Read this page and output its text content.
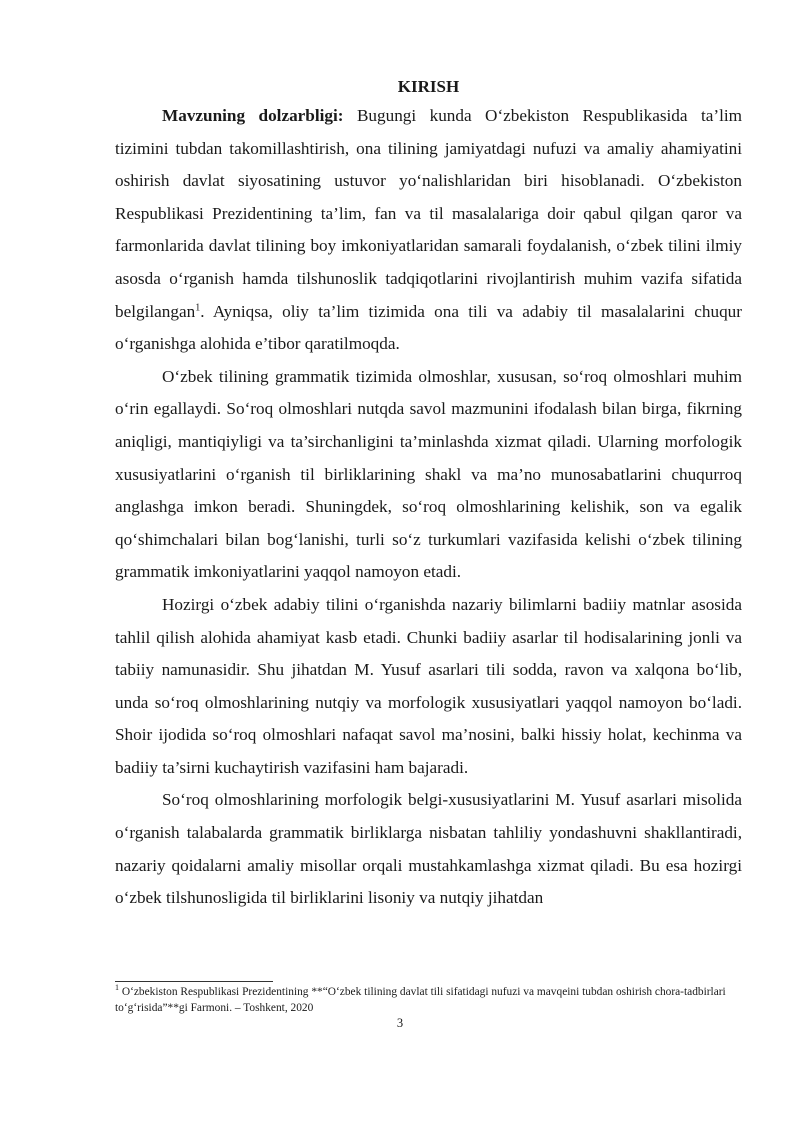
KIRISH

Mavzuning dolzarbligi: Bugungi kunda O‘zbekiston Respublikasida ta’lim tizimini tubdan takomillashtirish, ona tilining jamiyatdagi nufuzi va amaliy ahamiyatini oshirish davlat siyosatining ustuvor yo‘nalishlaridan biri hisoblanadi. O‘zbekiston Respublikasi Prezidentining ta’lim, fan va til masalalariga doir qabul qilgan qaror va farmonlarida davlat tilining boy imkoniyatlaridan samarali foydalanish, o‘zbek tilini ilmiy asosda o‘rganish hamda tilshunoslik tadqiqotlarini rivojlantirish muhim vazifa sifatida belgilangan$^1$. Ayniqsa, oliy ta’lim tizimida ona tili va adabiy til masalalarini chuqur o‘rganishga alohida e’tibor qaratilmoqda.

O‘zbek tilining grammatik tizimida olmoshlar, xususan, so‘roq olmoshlari muhim o‘rin egallaydi. So‘roq olmoshlari nutqda savol mazmunini ifodalash bilan birga, fikrning aniqligi, mantiqiyligi va ta’sirchanligini ta’minlashda xizmat qiladi. Ularning morfologik xususiyatlarini o‘rganish til birliklarining shakl va ma’no munosabatlarini chuqurroq anglashga imkon beradi. Shuningdek, so‘roq olmoshlarining kelishik, son va egalik qo‘shimchalari bilan bog‘lanishi, turli so‘z turkumlari vazifasida kelishi o‘zbek tilining grammatik imkoniyatlarini yaqqol namoyon etadi.

Hozirgi o‘zbek adabiy tilini o‘rganishda nazariy bilimlarni badiiy matnlar asosida tahlil qilish alohida ahamiyat kasb etadi. Chunki badiiy asarlar til hodisalarining jonli va tabiiy namunasidir. Shu jihatdan M. Yusuf asarlari tili sodda, ravon va xalqona bo‘lib, unda so‘roq olmoshlarining nutqiy va morfologik xususiyatlari yaqqol namoyon bo‘ladi. Shoir ijodida so‘roq olmoshlari nafaqat savol ma’nosini, balki hissiy holat, kechinma va badiiy ta’sirni kuchaytirish vazifasini ham bajaradi.

So‘roq olmoshlarining morfologik belgi-xususiyatlarini M. Yusuf asarlari misolida o‘rganish talabalarda grammatik birliklarga nisbatan tahliliy yondashuvni shakllantiradi, nazariy qoidalarni amaliy misollar orqali mustahkamlashga xizmat qiladi. Bu esa hozirgi o‘zbek tilshunosligida til birliklarini lisoniy va nutqiy jihatdan

$^1$ O‘zbekiston Respublikasi Prezidentining **“O‘zbek tilining davlat tili sifatidagi nufuzi va mavqeini tubdan oshirish chora-tadbirlari to‘g‘risida”**gi Farmoni. – Toshkent, 2020

3
